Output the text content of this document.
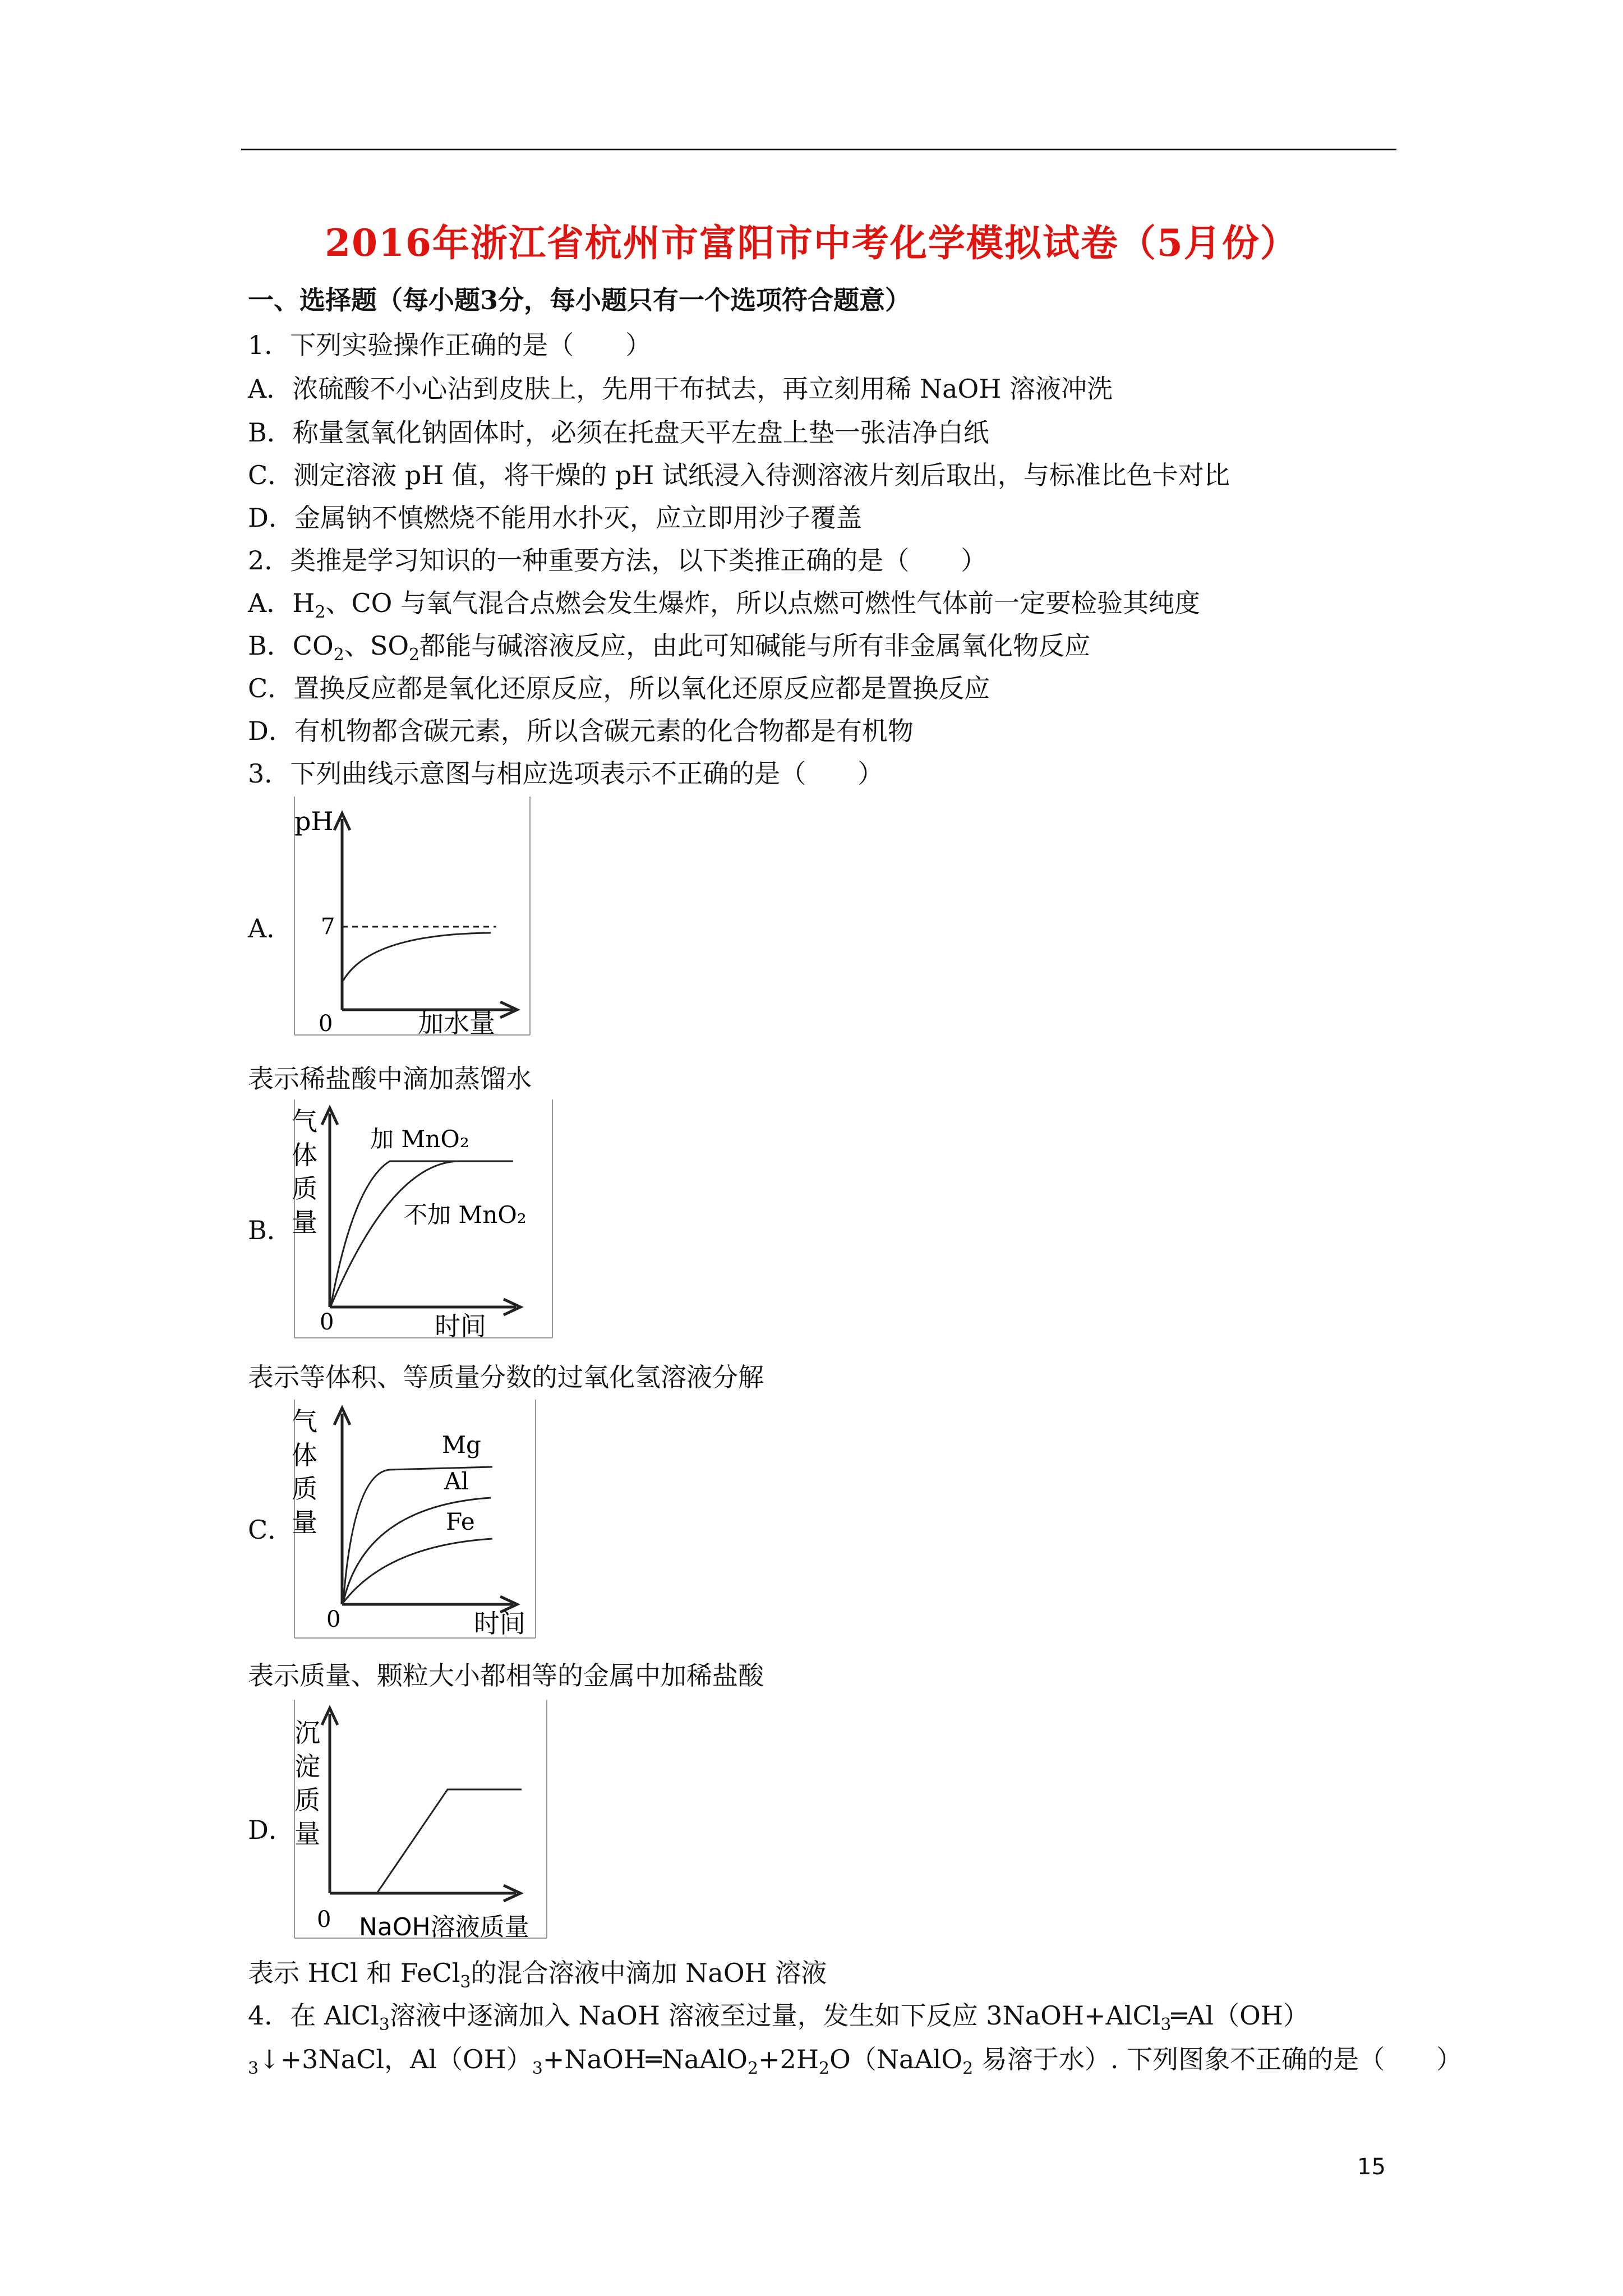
2016年浙江省杭州市富阳市中考化学模拟试卷（5月份）
一、选择题（每小题3分，每小题只有一个选项符合题意）
1．下列实验操作正确的是（　　）
A．浓硫酸不小心沾到皮肤上，先用干布拭去，再立刻用稀 NaOH 溶液冲洗
B．称量氢氧化钠固体时，必须在托盘天平左盘上垫一张洁净白纸
C．测定溶液 pH 值，将干燥的 pH 试纸浸入待测溶液片刻后取出，与标准比色卡对比
D．金属钠不慎燃烧不能用水扑灭，应立即用沙子覆盖
2．类推是学习知识的一种重要方法，以下类推正确的是（　　）
A．$H_2$、CO 与氧气混合点燃会发生爆炸，所以点燃可燃性气体前一定要检验其纯度
B．$CO_2$、$SO_2$都能与碱溶液反应，由此可知碱能与所有非金属氧化物反应
C．置换反应都是氧化还原反应，所以氧化还原反应都是置换反应
D．有机物都含碳元素，所以含碳元素的化合物都是有机物
3．下列曲线示意图与相应选项表示不正确的是（　　）
A．
pH
7
0	加水量
表示稀盐酸中滴加蒸馏水
B．
气
体
质
量
加 MnO₂
不加 MnO₂
0	时间
表示等体积、等质量分数的过氧化氢溶液分解
C．
气
体
质
量
Mg
Al
Fe
0	时间
表示质量、颗粒大小都相等的金属中加稀盐酸
D．
沉
淀
质
量
0 NaOH溶液质量
表示 HCl 和 FeCl$_3$的混合溶液中滴加 NaOH 溶液
4．在 AlCl$_3$溶液中逐滴加入 NaOH 溶液至过量，发生如下反应 3NaOH+AlCl$_3$═Al（OH）
$_3$↓+3NaCl，$Al(OH)_3+NaOH═NaAlO_2+2H_2O(NaAlO_2$ 易溶于水）. 下列图象不正确的是（　　）
15
